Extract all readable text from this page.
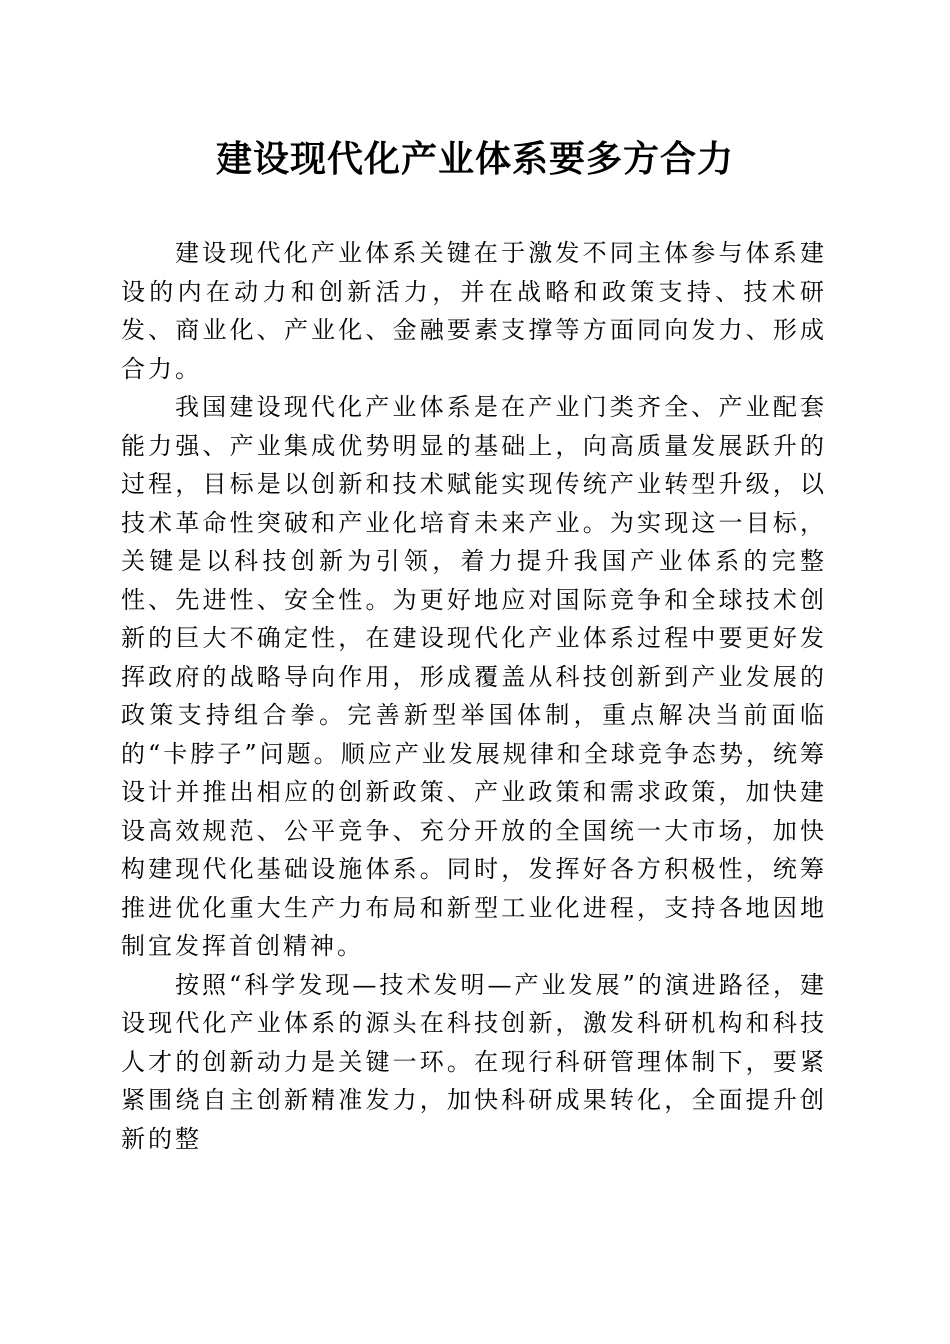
建设现代化产业体系要多方合力

建设现代化产业体系关键在于激发不同主体参与体系建设的内在动力和创新活力，并在战略和政策支持、技术研发、商业化、产业化、金融要素支撑等方面同向发力、形成合力。

我国建设现代化产业体系是在产业门类齐全、产业配套能力强、产业集成优势明显的基础上，向高质量发展跃升的过程，目标是以创新和技术赋能实现传统产业转型升级，以技术革命性突破和产业化培育未来产业。为实现这一目标，关键是以科技创新为引领，着力提升我国产业体系的完整性、先进性、安全性。为更好地应对国际竞争和全球技术创新的巨大不确定性，在建设现代化产业体系过程中要更好发挥政府的战略导向作用，形成覆盖从科技创新到产业发展的政策支持组合拳。完善新型举国体制，重点解决当前面临的“卡脖子”问题。顺应产业发展规律和全球竞争态势，统筹设计并推出相应的创新政策、产业政策和需求政策，加快建设高效规范、公平竞争、充分开放的全国统一大市场，加快构建现代化基础设施体系。同时，发挥好各方积极性，统筹推进优化重大生产力布局和新型工业化进程，支持各地因地制宜发挥首创精神。

按照“科学发现—技术发明—产业发展”的演进路径，建设现代化产业体系的源头在科技创新，激发科研机构和科技人才的创新动力是关键一环。在现行科研管理体制下，要紧紧围绕自主创新精准发力，加快科研成果转化，全面提升创新的整
